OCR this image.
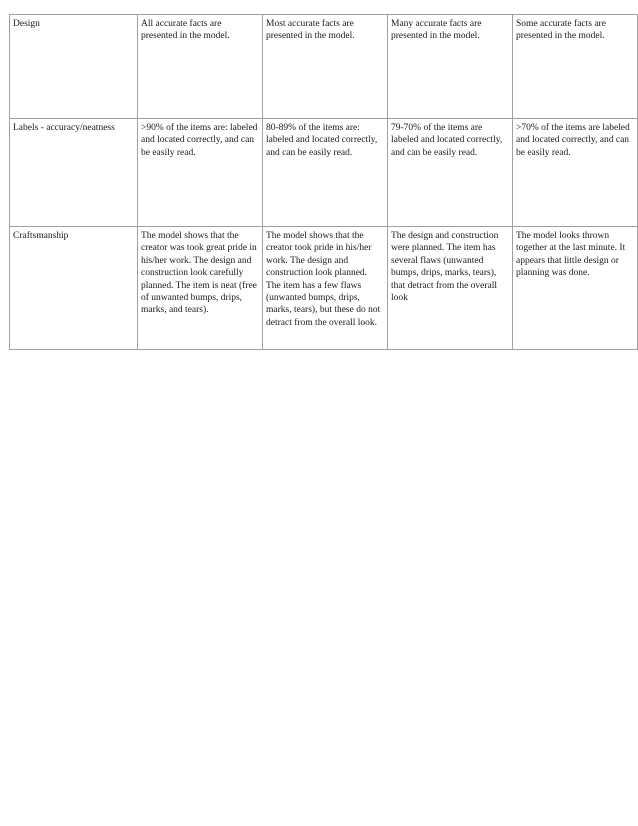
Design	All accurate facts are presented in the model.	Most accurate facts are presented in the model.	Many accurate facts are presented in the model.	Some accurate facts are presented in the model.
Labels - accuracy/neatness	>90% of the items are: labeled and located correctly, and can be easily read.	80-89% of the items are: labeled and located correctly, and can be easily read.	79-70% of the items are labeled and located correctly, and can be easily read.	>70% of the items are labeled and located correctly, and can be easily read.
Craftsmanship	The model shows that the creator was took great pride in his/her work. The design and construction look carefully planned. The item is neat (free of unwanted bumps, drips, marks, and tears).	The model shows that the creator took pride in his/her work. The design and construction look planned. The item has a few flaws (unwanted bumps, drips, marks, tears), but these do not detract from the overall look.	The design and construction were planned. The item has several flaws (unwanted bumps, drips, marks, tears), that detract from the overall look	The model looks thrown together at the last minute. It appears that little design or planning was done.
